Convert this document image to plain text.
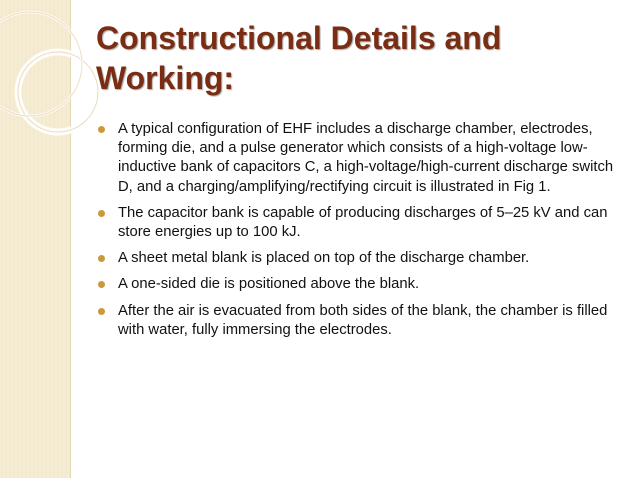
Constructional Details and Working:
A typical configuration of EHF includes a discharge chamber, electrodes, forming die, and a pulse generator which consists of a high-voltage low-inductive bank of capacitors C, a high-voltage/high-current discharge switch D, and a charging/amplifying/rectifying circuit is illustrated in Fig 1.
The capacitor bank is capable of producing discharges of 5–25 kV and can store energies up to 100 kJ.
A sheet metal blank is placed on top of the discharge chamber.
A one-sided die is positioned above the blank.
After the air is evacuated from both sides of the blank, the chamber is filled with water, fully immersing the electrodes.
